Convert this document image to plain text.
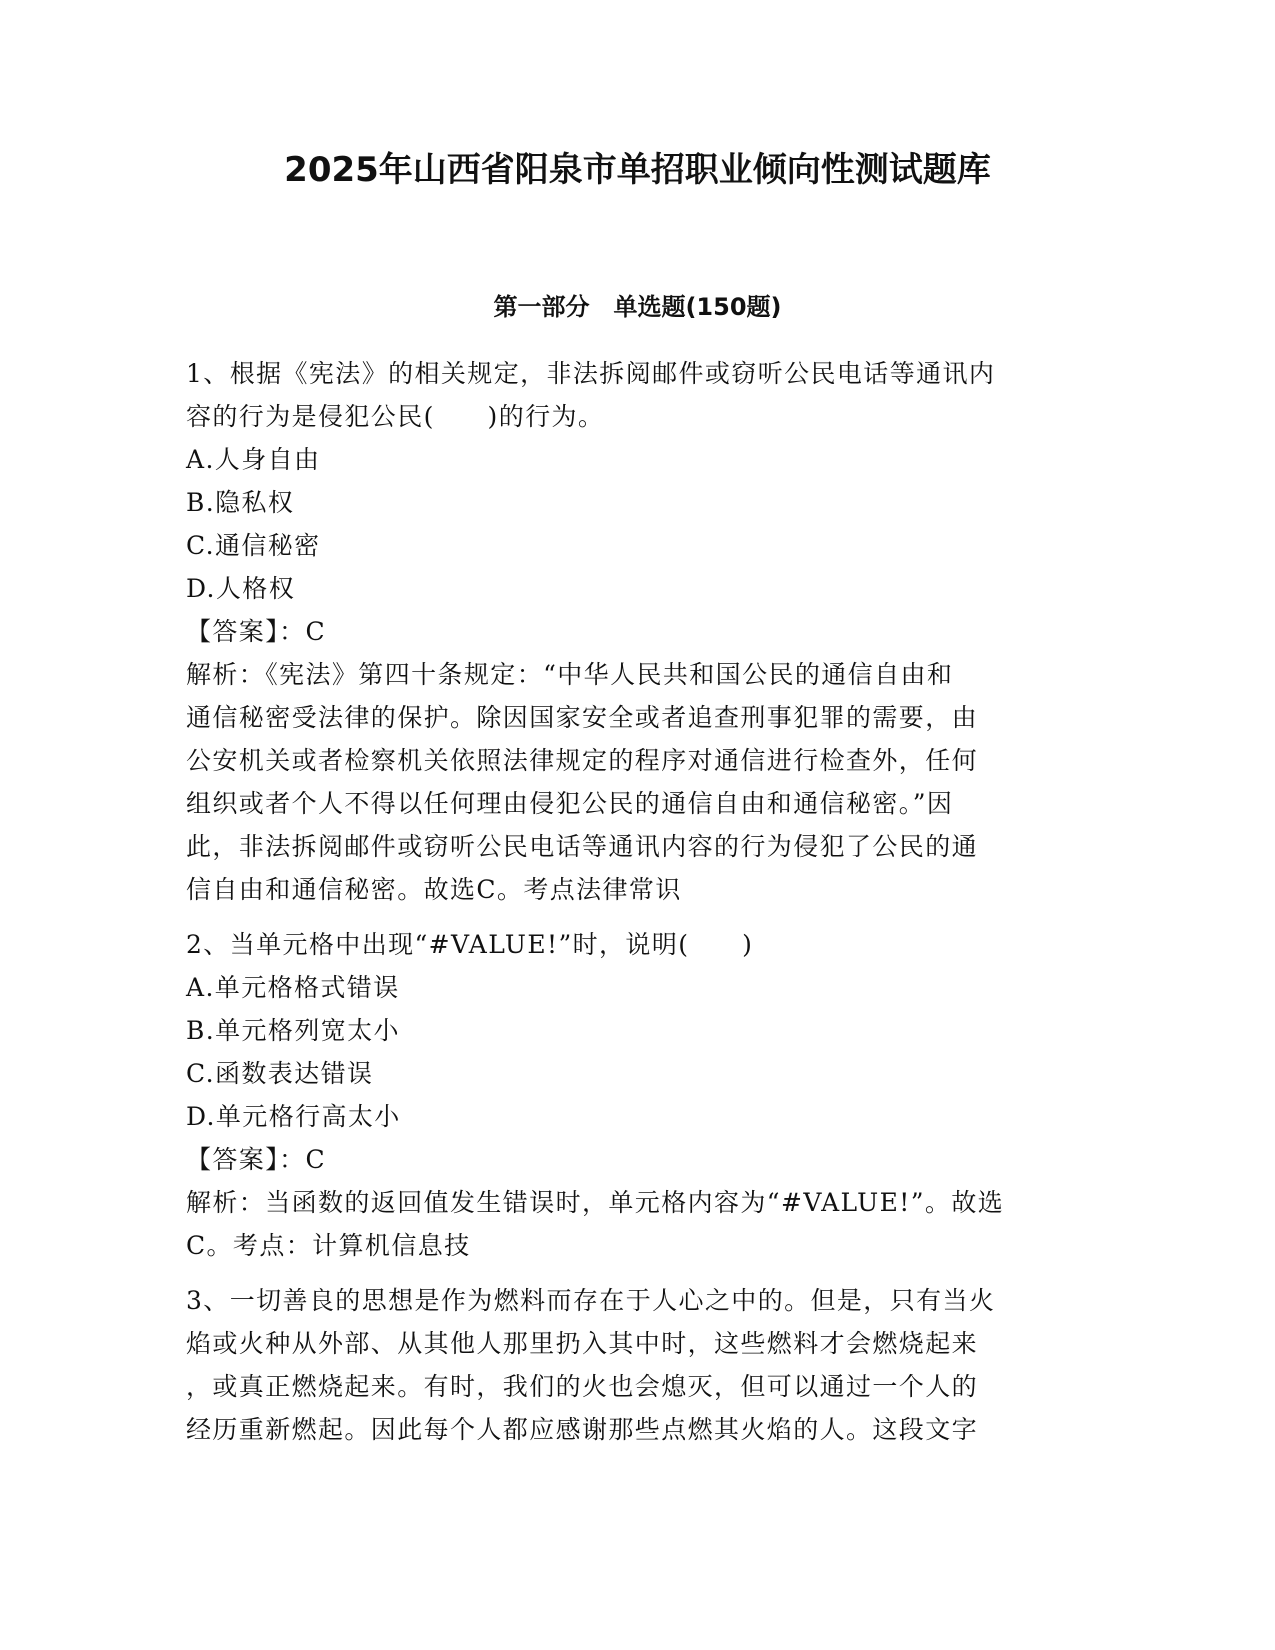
2025年山西省阳泉市单招职业倾向性测试题库
第一部分　单选题(150题)

1、根据《宪法》的相关规定，非法拆阅邮件或窃听公民电话等通讯内

容的行为是侵犯公民(　　)的行为。

A.人身自由

B.隐私权

C.通信秘密

D.人格权

【答案】：C

解析：《宪法》第四十条规定：“中华人民共和国公民的通信自由和

通信秘密受法律的保护。除因国家安全或者追查刑事犯罪的需要，由

公安机关或者检察机关依照法律规定的程序对通信进行检查外，任何

组织或者个人不得以任何理由侵犯公民的通信自由和通信秘密。”因

此，非法拆阅邮件或窃听公民电话等通讯内容的行为侵犯了公民的通

信自由和通信秘密。故选C。考点法律常识

2、当单元格中出现“#VALUE!”时，说明(　　)

A.单元格格式错误

B.单元格列宽太小

C.函数表达错误

D.单元格行高太小

【答案】：C

解析：当函数的返回值发生错误时，单元格内容为“#VALUE!”。故选

C。考点：计算机信息技

3、一切善良的思想是作为燃料而存在于人心之中的。但是，只有当火

焰或火种从外部、从其他人那里扔入其中时，这些燃料才会燃烧起来

，或真正燃烧起来。有时，我们的火也会熄灭，但可以通过一个人的

经历重新燃起。因此每个人都应感谢那些点燃其火焰的人。这段文字
